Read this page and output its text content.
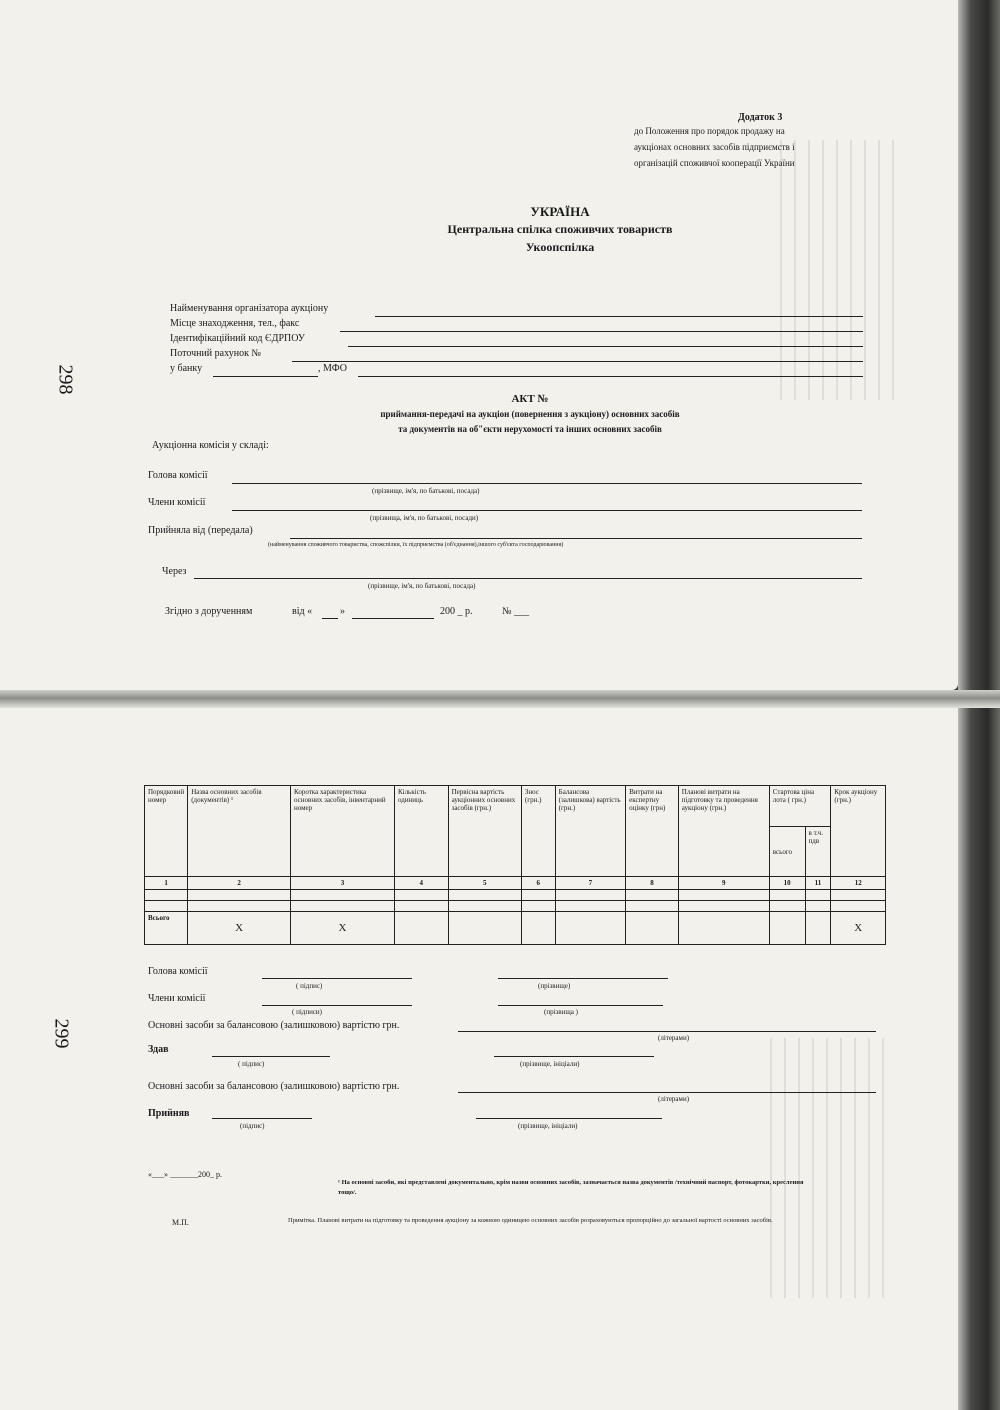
298
Додаток 3
до Положення про порядок продажу на
аукціонах основних засобів підприємств і
організацій споживчої кооперації України
УКРАЇНА
Центральна спілка споживчих товариств
Укоопспілка
Найменування організатора аукціону
Місце знаходження, тел., факс
Ідентифікаційний код ЄДРПОУ
Поточний рахунок №
у банку	, МФО
АКТ №
приймання-передачі на аукціон (повернення з аукціону) основних засобів
та документів на об"єкти нерухомості та інших основних засобів
Аукціонна комісія у складі:
Голова комісії
(прізвище, ім'я, по батькові, посада)
Члени комісії
(прізвища, ім'я, по батькові, посади)
Прийняла від (передала)
(найменування споживчого товариства, спожспілки, їх підприємства (об'єднання),іншого суб'єкта господарювання)
Через
(прізвище, ім'я, по батькові, посада)
Згідно з дорученням	від «	»	200 _ р.	№ ___
299
Порядковий номер	Назва основних засобів (документів) ¹	Коротка характеристика основних засобів, інвентарний номер	Кількість одиниць	Первісна вартість аукціонних основних засобів (грн.)	Знос (грн.)	Балансова (залишкова) вартість (грн.)	Витрати на експертну оцінку (грн)	Планові витрати на підготовку та проведення аукціону (грн.)	Стартова ціна лота ( грн.)		Крок аукціону (грн.)
									всього	в т.ч. пдв	
1	2	3	4	5	6	7	8	9	10	11	12

Всього	X	X									X
Голова комісії
( підпис)	(прізвище)
Члени комісії
( підписи)	(прізвища )
Основні засоби за балансовою (залишковою) вартістю грн.
(літерами)
Здав
( підпис)	(прізвище, ініціали)
Основні засоби за балансовою (залишковою) вартістю грн.
(літерами)
Прийняв
(підпис)	(прізвище, ініціали)
«___» _______200_ р.
¹ На основні засоби, які представлені документально, крім назви основних засобів, зазначається назва документів /технічний паспорт, фотокартки, креслення тощо/.
М.П.	Примітка. Планові витрати на підготовку та проведення аукціону за кожною одиницею основних засобів розраховуються пропорційно до загальної вартості основних засобів.
